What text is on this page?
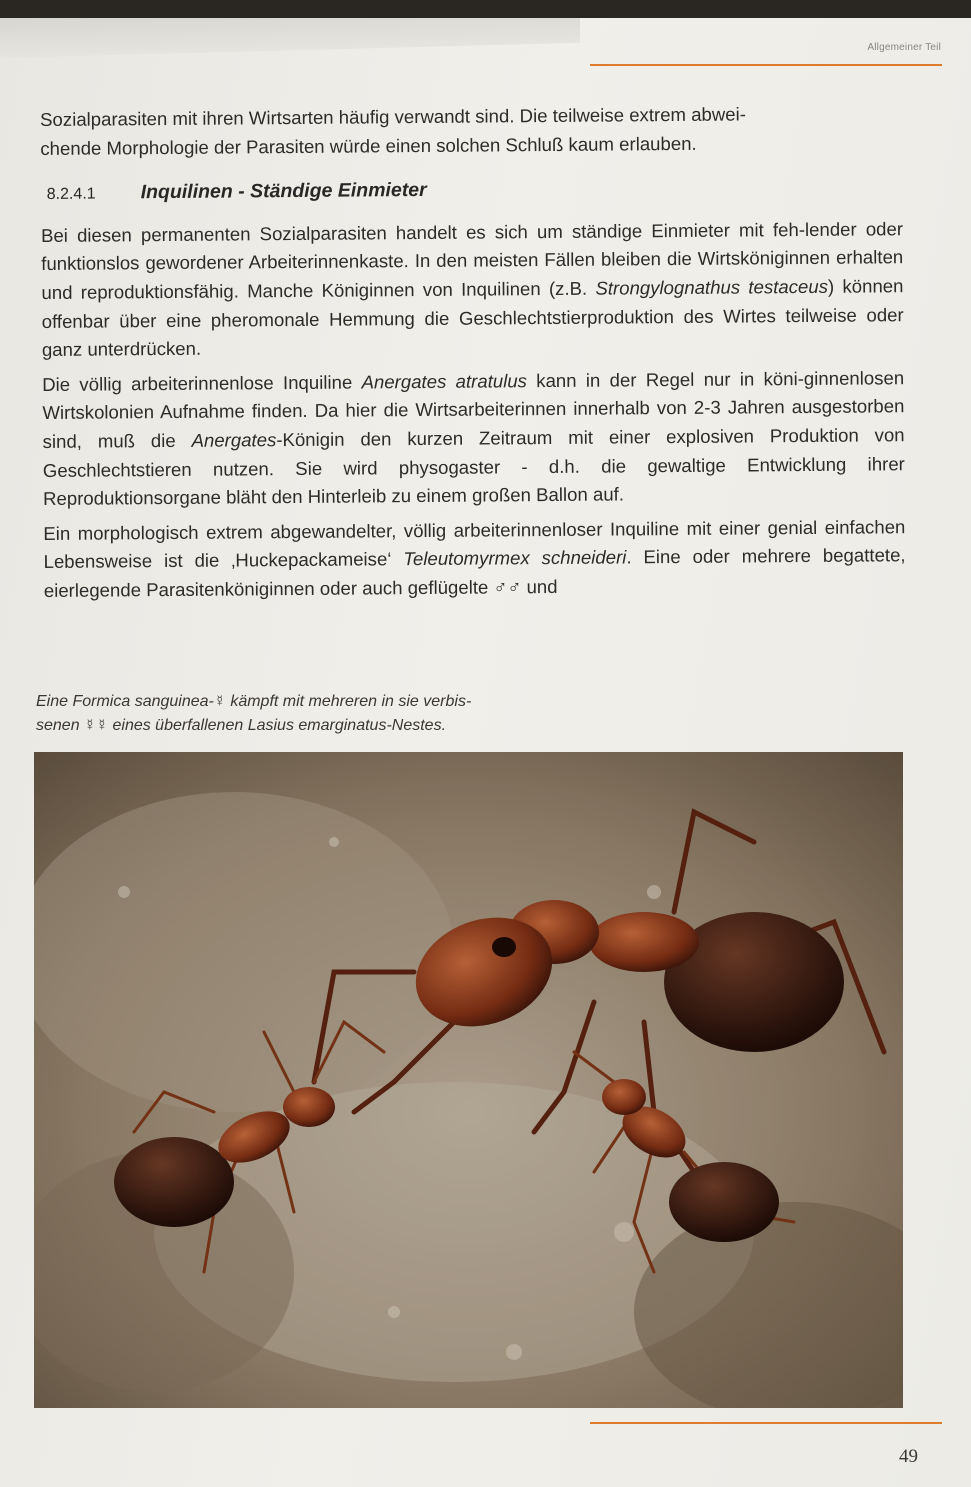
Allgemeiner Teil

Sozialparasiten mit ihren Wirtsarten häufig verwandt sind. Die teilweise extrem abwei-
chende Morphologie der Parasiten würde einen solchen Schluß kaum erlauben.

8.2.4.1 Inquilinen - Ständige Einmieter

Bei diesen permanenten Sozialparasiten handelt es sich um ständige Einmieter mit feh-lender oder funktionslos gewordener Arbeiterinnenkaste. In den meisten Fällen bleiben die Wirtsköniginnen erhalten und reproduktionsfähig. Manche Königinnen von Inquilinen (z.B. Strongylognathus testaceus) können offenbar über eine pheromonale Hemmung die Geschlechtstierproduktion des Wirtes teilweise oder ganz unterdrücken.

Die völlig arbeiterinnenlose Inquiline Anergates atratulus kann in der Regel nur in köni-ginnenlosen Wirtskolonien Aufnahme finden. Da hier die Wirtsarbeiterinnen innerhalb von 2-3 Jahren ausgestorben sind, muß die Anergates-Königin den kurzen Zeitraum mit einer explosiven Produktion von Geschlechtstieren nutzen. Sie wird physogaster - d.h. die gewaltige Entwicklung ihrer Reproduktionsorgane bläht den Hinterleib zu einem großen Ballon auf.

Ein morphologisch extrem abgewandelter, völlig arbeiterinnenloser Inquiline mit einer genial einfachen Lebensweise ist die ‚Huckepackameise‘ Teleutomyrmex schneideri. Eine oder mehrere begattete, eierlegende Parasitenköniginnen oder auch geflügelte ♂♂ und

Eine Formica sanguinea-☿ kämpft mit mehreren in sie verbis-
senen ☿☿ eines überfallenen Lasius emarginatus-Nestes.
49
